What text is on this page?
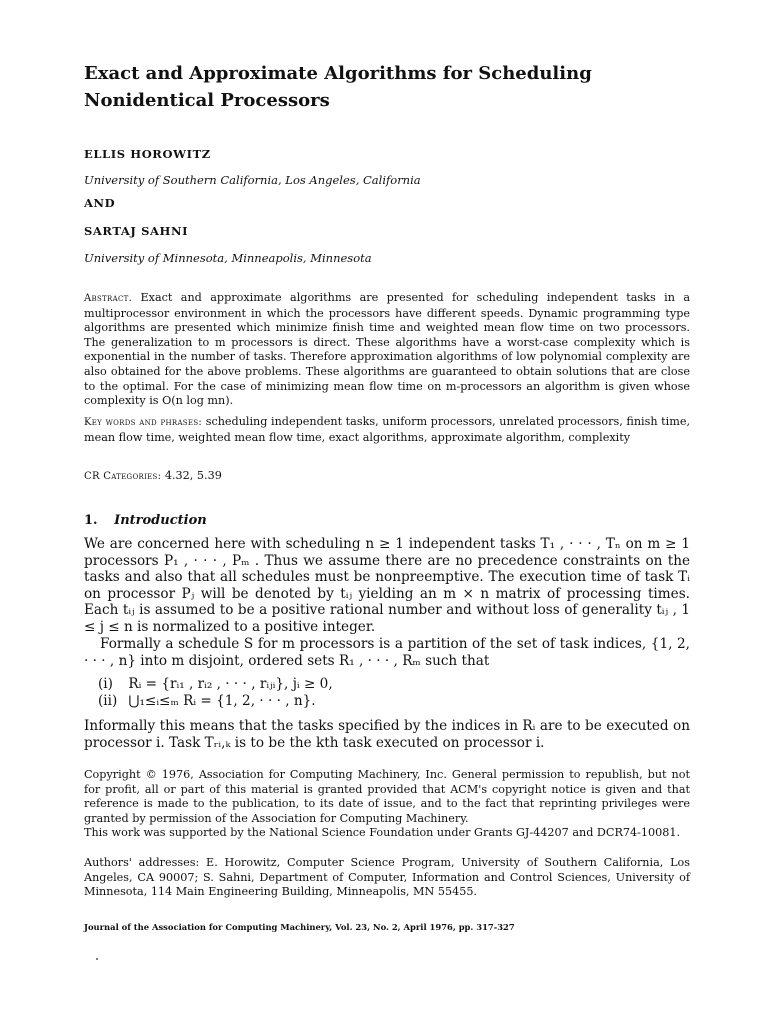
Exact and Approximate Algorithms for Scheduling
Nonidentical Processors

ELLIS HOROWITZ

University of Southern California, Los Angeles, California

AND

SARTAJ SAHNI

University of Minnesota, Minneapolis, Minnesota

Abstract. Exact and approximate algorithms are presented for scheduling independent tasks in a multiprocessor environment in which the processors have different speeds. Dynamic programming type algorithms are presented which minimize finish time and weighted mean flow time on two processors. The generalization to m processors is direct. These algorithms have a worst-case complexity which is exponential in the number of tasks. Therefore approximation algorithms of low polynomial complexity are also obtained for the above problems. These algorithms are guaranteed to obtain solutions that are close to the optimal. For the case of minimizing mean flow time on m-processors an algorithm is given whose complexity is O(n log mn).

Key words and phrases: scheduling independent tasks, uniform processors, unrelated processors, finish time, mean flow time, weighted mean flow time, exact algorithms, approximate algorithm, complexity

CR Categories: 4.32, 5.39

1. Introduction

We are concerned here with scheduling n ≥ 1 independent tasks T₁ , · · · , Tₙ on m ≥ 1 processors P₁ , · · · , Pₘ . Thus we assume there are no precedence constraints on the tasks and also that all schedules must be nonpreemptive. The execution time of task Tᵢ on processor Pⱼ will be denoted by tᵢⱼ yielding an m × n matrix of processing times. Each tᵢⱼ is assumed to be a positive rational number and without loss of generality tᵢⱼ , 1 ≤ j ≤ n is normalized to a positive integer.

Formally a schedule S for m processors is a partition of the set of task indices, {1, 2, · · · , n} into m disjoint, ordered sets R₁ , · · · , Rₘ such that

(i) Rᵢ = {rᵢ₁ , rᵢ₂ , · · · , rᵢⱼᵢ}, jᵢ ≥ 0,
(ii) ⋃₁≤ᵢ≤ₘ Rᵢ = {1, 2, · · · , n}.

Informally this means that the tasks specified by the indices in Rᵢ are to be executed on processor i. Task Tᵣᵢ,ₖ is to be the kth task executed on processor i.

Copyright © 1976, Association for Computing Machinery, Inc. General permission to republish, but not for profit, all or part of this material is granted provided that ACM's copyright notice is given and that reference is made to the publication, to its date of issue, and to the fact that reprinting privileges were granted by permission of the Association for Computing Machinery.

This work was supported by the National Science Foundation under Grants GJ-44207 and DCR74-10081.

Authors' addresses: E. Horowitz, Computer Science Program, University of Southern California, Los Angeles, CA 90007; S. Sahni, Department of Computer, Information and Control Sciences, University of Minnesota, 114 Main Engineering Building, Minneapolis, MN 55455.

Journal of the Association for Computing Machinery, Vol. 23, No. 2, April 1976, pp. 317-327
